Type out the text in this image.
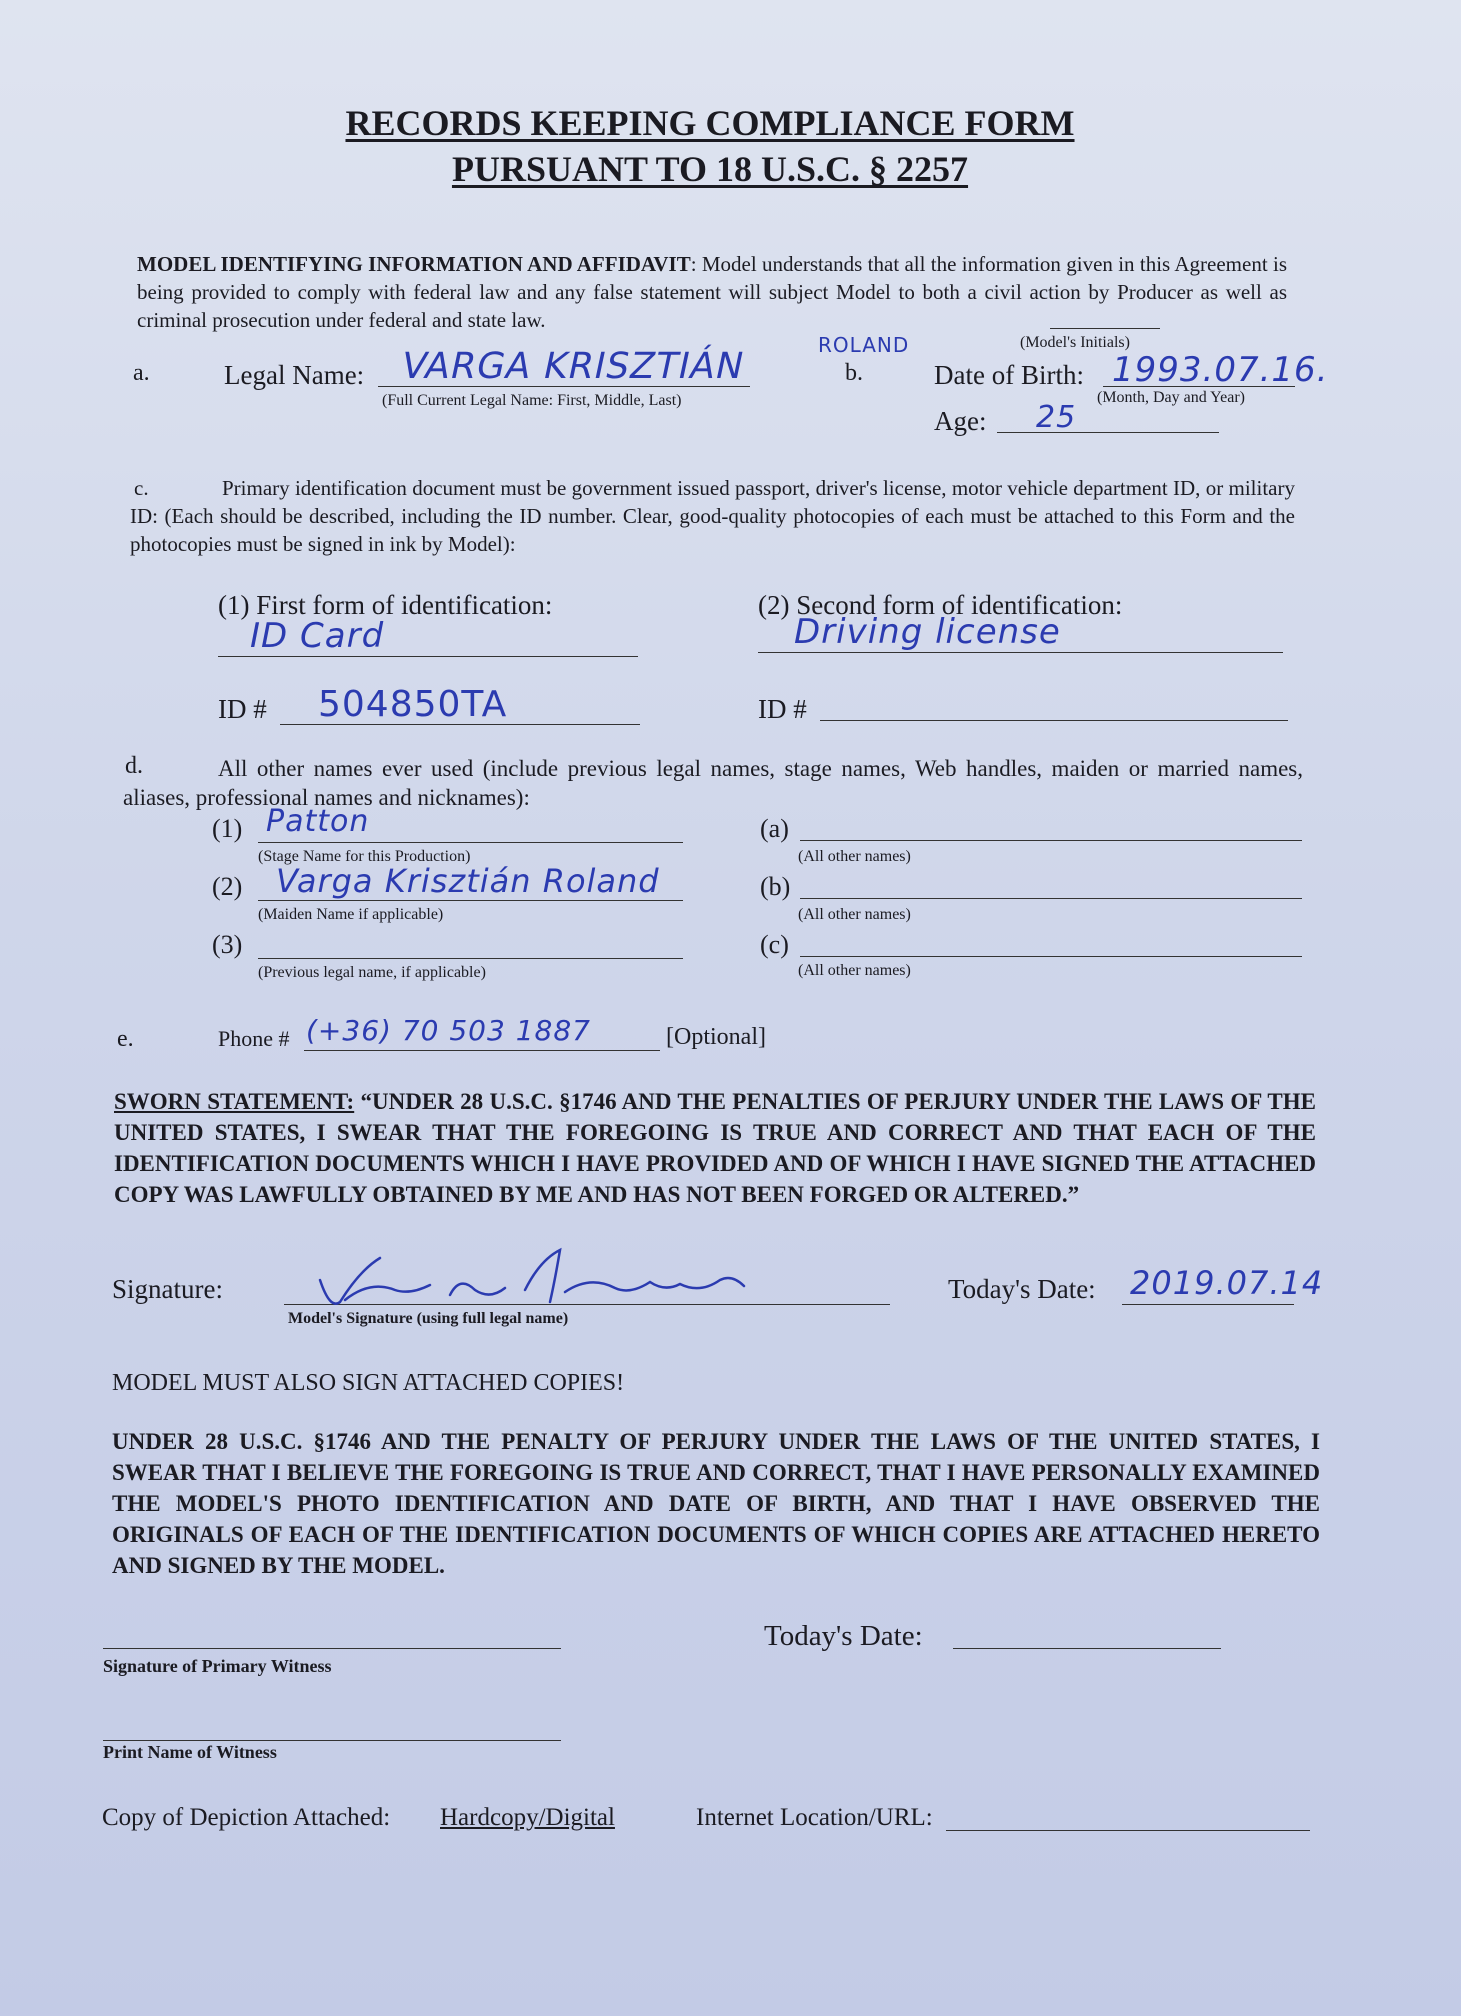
RECORDS KEEPING COMPLIANCE FORM
PURSUANT TO 18 U.S.C. § 2257
MODEL IDENTIFYING INFORMATION AND AFFIDAVIT: Model understands that all the information given in this Agreement is being provided to comply with federal law and any false statement will subject Model to both a civil action by Producer as well as criminal prosecution under federal and state law.
(Model's Initials)
a.	Legal Name: VARGA KRISZTIÁN
ROLAND
(Full Current Legal Name: First, Middle, Last)
b.	Date of Birth: 1993.07.16.
(Month, Day and Year)
Age: 25
c.	Primary identification document must be government issued passport, driver's license, motor vehicle department ID, or military ID: (Each should be described, including the ID number. Clear, good-quality photocopies of each must be attached to this Form and the photocopies must be signed in ink by Model):
(1) First form of identification:
ID Card
(2) Second form of identification:
Driving license
ID # 504850TA	ID #
d.	All other names ever used (include previous legal names, stage names, Web handles, maiden or married names, aliases, professional names and nicknames):
(1) Patton
(Stage Name for this Production)
(2) Varga Krisztián Roland
(Maiden Name if applicable)
(3)
(Previous legal name, if applicable)
(a)
(All other names)
(b)
(All other names)
(c)
(All other names)
e.	Phone # (+36) 70 503 1887	[Optional]
SWORN STATEMENT: “UNDER 28 U.S.C. §1746 AND THE PENALTIES OF PERJURY UNDER THE LAWS OF THE UNITED STATES, I SWEAR THAT THE FOREGOING IS TRUE AND CORRECT AND THAT EACH OF THE IDENTIFICATION DOCUMENTS WHICH I HAVE PROVIDED AND OF WHICH I HAVE SIGNED THE ATTACHED COPY WAS LAWFULLY OBTAINED BY ME AND HAS NOT BEEN FORGED OR ALTERED.”
Signature:
Model's Signature (using full legal name)
Today's Date: 2019.07.14
MODEL MUST ALSO SIGN ATTACHED COPIES!
UNDER 28 U.S.C. §1746 AND THE PENALTY OF PERJURY UNDER THE LAWS OF THE UNITED STATES, I SWEAR THAT I BELIEVE THE FOREGOING IS TRUE AND CORRECT, THAT I HAVE PERSONALLY EXAMINED THE MODEL'S PHOTO IDENTIFICATION AND DATE OF BIRTH, AND THAT I HAVE OBSERVED THE ORIGINALS OF EACH OF THE IDENTIFICATION DOCUMENTS OF WHICH COPIES ARE ATTACHED HERETO AND SIGNED BY THE MODEL.
Signature of Primary Witness
Today's Date:
Print Name of Witness
Copy of Depiction Attached: Hardcopy/Digital	Internet Location/URL:
